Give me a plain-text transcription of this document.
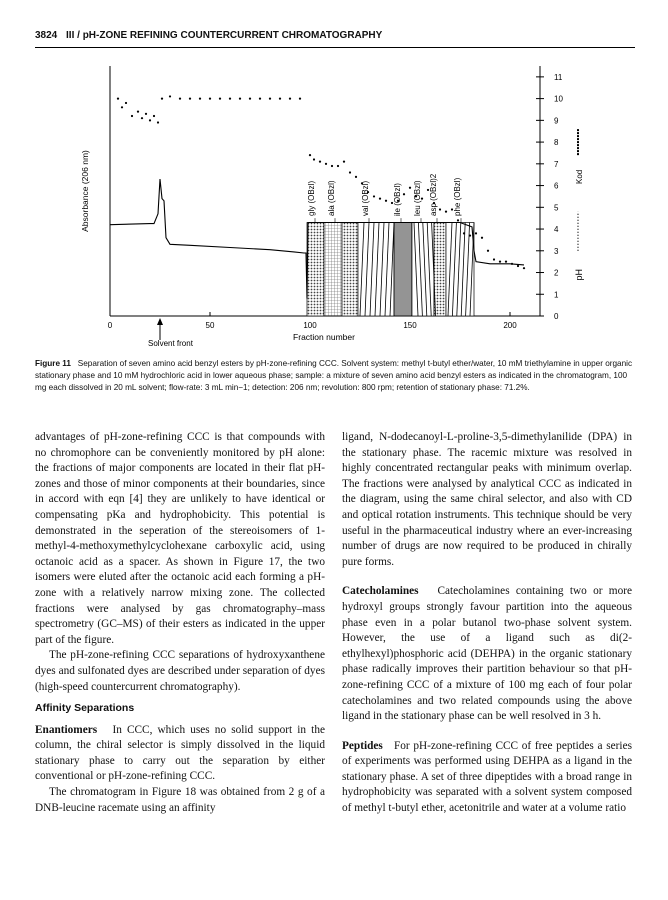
3824 III / pH-ZONE REFINING COUNTERCURRENT CHROMATOGRAPHY
0	50	100	150	200
0
1
2
3
4
5
6
7
8
9
10
11
Fraction number
Absorbance (206 nm)
pH
Kod
Solvent front
gly (OBzl) ala (OBzl)	val (OBzl)	ile (OBzl) leu (OBzl) asp (OBzl)2 phe (OBzl)
Figure 11 Separation of seven amino acid benzyl esters by pH-zone-refining CCC. Solvent system: methyl t-butyl ether/water, 10 mM triethylamine in upper organic stationary phase and 10 mM hydrochloric acid in lower aqueous phase; sample: a mixture of seven amino acid benzyl esters as indicated in the chromatogram, 100 mg each dissolved in 20 mL solvent; flow-rate: 3 mL min−1; detection: 206 nm; revolution: 800 rpm; retention of stationary phase: 71.2%.

advantages of pH-zone-refining CCC is that compounds with no chromophore can be conveniently monitored by pH alone: the fractions of major components are located in their flat pH-zones and those of minor components at their boundaries, since in accord with eqn [4] they are unlikely to have identical or compensating pKa and hydrophobicity. This potential is demonstrated in the seperation of the stereoisomers of 1-methyl-4-methoxymethylcyclohexane carboxylic acid, using octanoic acid as a spacer. As shown in Figure 17, the two isomers were eluted after the octanoic acid each forming a pH-zone with a relatively narrow mixing zone. The collected fractions were analysed by gas chromatography–mass spectrometry (GC–MS) of their esters as indicated in the upper part of the figure.

The pH-zone-refining CCC separations of hydroxyxanthene dyes and sulfonated dyes are described under separation of dyes (high-speed countercurrent chromatography).

Affinity Separations

Enantiomers In CCC, which uses no solid support in the column, the chiral selector is simply dissolved in the liquid stationary phase to carry out the separation by either conventional or pH-zone-refining CCC.

The chromatogram in Figure 18 was obtained from 2 g of a DNB-leucine racemate using an affinity

ligand, N-dodecanoyl-L-proline-3,5-dimethylanilide (DPA) in the stationary phase. The racemic mixture was resolved in highly concentrated rectangular peaks with minimum overlap. The fractions were analysed by analytical CCC as indicated in the diagram, using the same chiral selector, and also with CD and optical rotation instruments. This technique should be very useful in the pharmaceutical industry where an ever-increasing number of drugs are now required to be produced in chirally pure forms.

Catecholamines Catecholamines containing two or more hydroxyl groups strongly favour partition into the aqueous phase even in a polar butanol two-phase solvent system. However, the use of a ligand such as di(2-ethylhexyl)phosphoric acid (DEHPA) in the organic stationary phase radically improves their partition behaviour so that pH-zone-refining CCC of a mixture of 100 mg each of four polar catecholamines and two related compounds using the above ligand in the stationary phase can be well resolved in 3 h.

Peptides For pH-zone-refining CCC of free peptides a series of experiments was performed using DEHPA as a ligand in the stationary phase. A set of three dipeptides with a broad range in hydrophobicity was separated with a solvent system composed of methyl t-butyl ether, acetonitrile and water at a volume ratio
